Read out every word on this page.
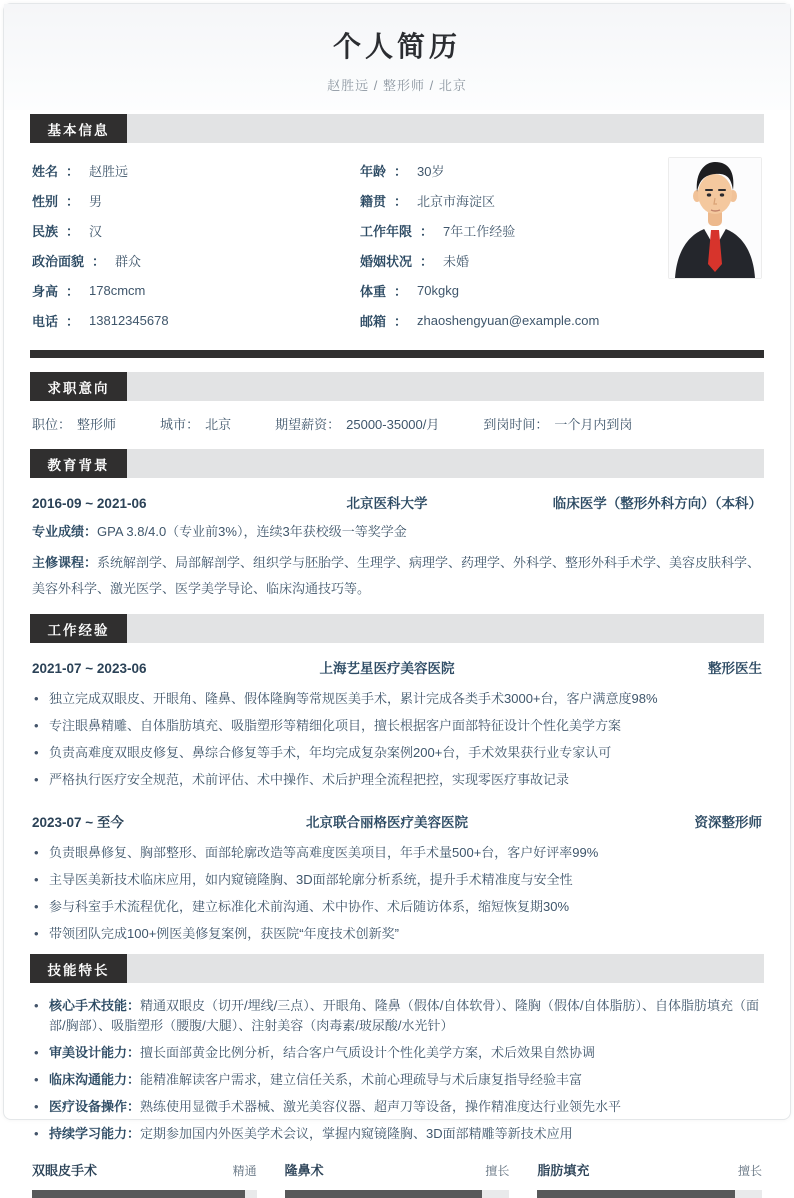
个人简历
赵胜远 / 整形师 / 北京
基本信息
姓名 ： 赵胜远
性别 ： 男
民族 ： 汉
政治面貌 ： 群众
身高 ： 178cmcm
电话 ： 13812345678
年龄 ： 30岁
籍贯 ： 北京市海淀区
工作年限 ： 7年工作经验
婚姻状况 ： 未婚
体重 ： 70kgkg
邮箱 ： zhaoshengyuan@example.com
求职意向
职位： 整形师	城市： 北京	期望薪资： 25000-35000/月	到岗时间： 一个月内到岗
教育背景
2016-09 ~ 2021-06	北京医科大学	临床医学（整形外科方向）（本科）
专业成绩：GPA 3.8/4.0（专业前3%），连续3年获校级一等奖学金
主修课程：系统解剖学、局部解剖学、组织学与胚胎学、生理学、病理学、药理学、外科学、整形外科手术学、美容皮肤科学、美容外科学、激光医学、医学美学导论、临床沟通技巧等。
工作经验
2021-07 ~ 2023-06	上海艺星医疗美容医院	整形医生
• 独立完成双眼皮、开眼角、隆鼻、假体隆胸等常规医美手术，累计完成各类手术3000+台，客户满意度98%
• 专注眼鼻精雕、自体脂肪填充、吸脂塑形等精细化项目，擅长根据客户面部特征设计个性化美学方案
• 负责高难度双眼皮修复、鼻综合修复等手术，年均完成复杂案例200+台，手术效果获行业专家认可
• 严格执行医疗安全规范，术前评估、术中操作、术后护理全流程把控，实现零医疗事故记录
2023-07 ~ 至今	北京联合丽格医疗美容医院	资深整形师
• 负责眼鼻修复、胸部整形、面部轮廓改造等高难度医美项目，年手术量500+台，客户好评率99%
• 主导医美新技术临床应用，如内窥镜隆胸、3D面部轮廓分析系统，提升手术精准度与安全性
• 参与科室手术流程优化，建立标准化术前沟通、术中协作、术后随访体系，缩短恢复期30%
• 带领团队完成100+例医美修复案例，获医院“年度技术创新奖”
技能特长
• 核心手术技能：精通双眼皮（切开/埋线/三点）、开眼角、隆鼻（假体/自体软骨）、隆胸（假体/自体脂肪）、自体脂肪填充（面部/胸部）、吸脂塑形（腰腹/大腿）、注射美容（肉毒素/玻尿酸/水光针）
• 审美设计能力：擅长面部黄金比例分析，结合客户气质设计个性化美学方案，术后效果自然协调
• 临床沟通能力：能精准解读客户需求，建立信任关系，术前心理疏导与术后康复指导经验丰富
• 医疗设备操作：熟练使用显微手术器械、激光美容仪器、超声刀等设备，操作精准度达行业领先水平
• 持续学习能力：定期参加国内外医美学术会议，掌握内窥镜隆胸、3D面部精雕等新技术应用
双眼皮手术	精通 隆鼻术	擅长 脂肪填充	擅长
